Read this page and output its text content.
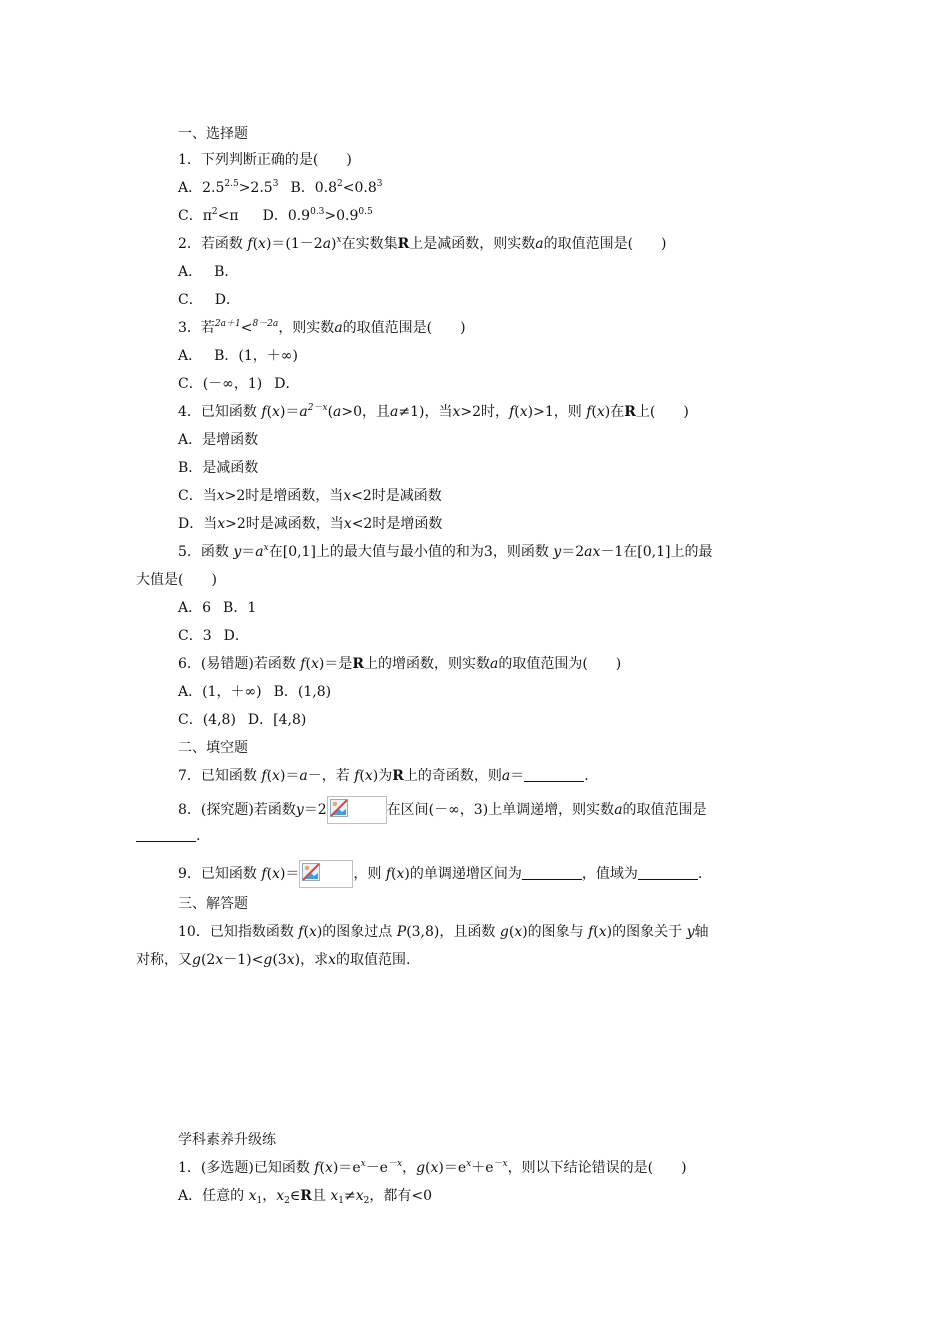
一、选择题
1．下列判断正确的是(　　)
A．$2.5^{2.5}>2.5^3$ B．$0.8^2<0.8^3$
C．$\pi^2<\pi$ D．$0.9^{0.3}>0.9^{0.5}$
2．若函数 $f(x)=(1-2a)^x$在实数集R上是减函数，则实数a的取值范围是(　　)
A． B．
C． D．
3．若$^{2a+1}$<$^{8-2a}$，则实数a的取值范围是(　　)
A． B．(1，＋∞)
C．(－∞，1) D．
4．已知函数 $f(x)=a^{2-x}(a>0$，且a≠1)，当x>2时，f(x)>1，则 f(x)在R上(　　)
A．是增函数
B．是减函数
C．当x>2时是增函数，当x<2时是减函数
D．当x>2时是减函数，当x<2时是增函数
5．函数 $y=a^x$在[0,1]上的最大值与最小值的和为3，则函数 y＝2ax－1在[0,1]上的最
大值是(　　)
A．6 B．1
C．3 D．
6．(易错题)若函数 f(x)＝是R上的增函数，则实数a的取值范围为(　　)
A．(1，＋∞) B．(1,8)
C．(4,8) D．[4,8)
二、填空题
7．已知函数 f(x)＝a－，若 f(x)为R上的奇函数，则a＝	.
8．(探究题)若函数y＝2	在区间(－∞，3)上单调递增，则实数a的取值范围是
.
9．已知函数 f(x)＝	，则 f(x)的单调递增区间为	，值域为	.
三、解答题
10．已知指数函数 f(x)的图象过点 P(3,8)，且函数 g(x)的图象与 f(x)的图象关于 y轴
对称，又g(2x－1)<g(3x)，求x的取值范围.
学科素养升级练
1．(多选题)已知函数 $f(x)=e^x-e^{-x}$，$g(x)=e^x+e^{-x}$，则以下结论错误的是(　　)
A．任意的 $x_1$，$x_2\in R$且 $x_1\ne x_2$，都有<0
